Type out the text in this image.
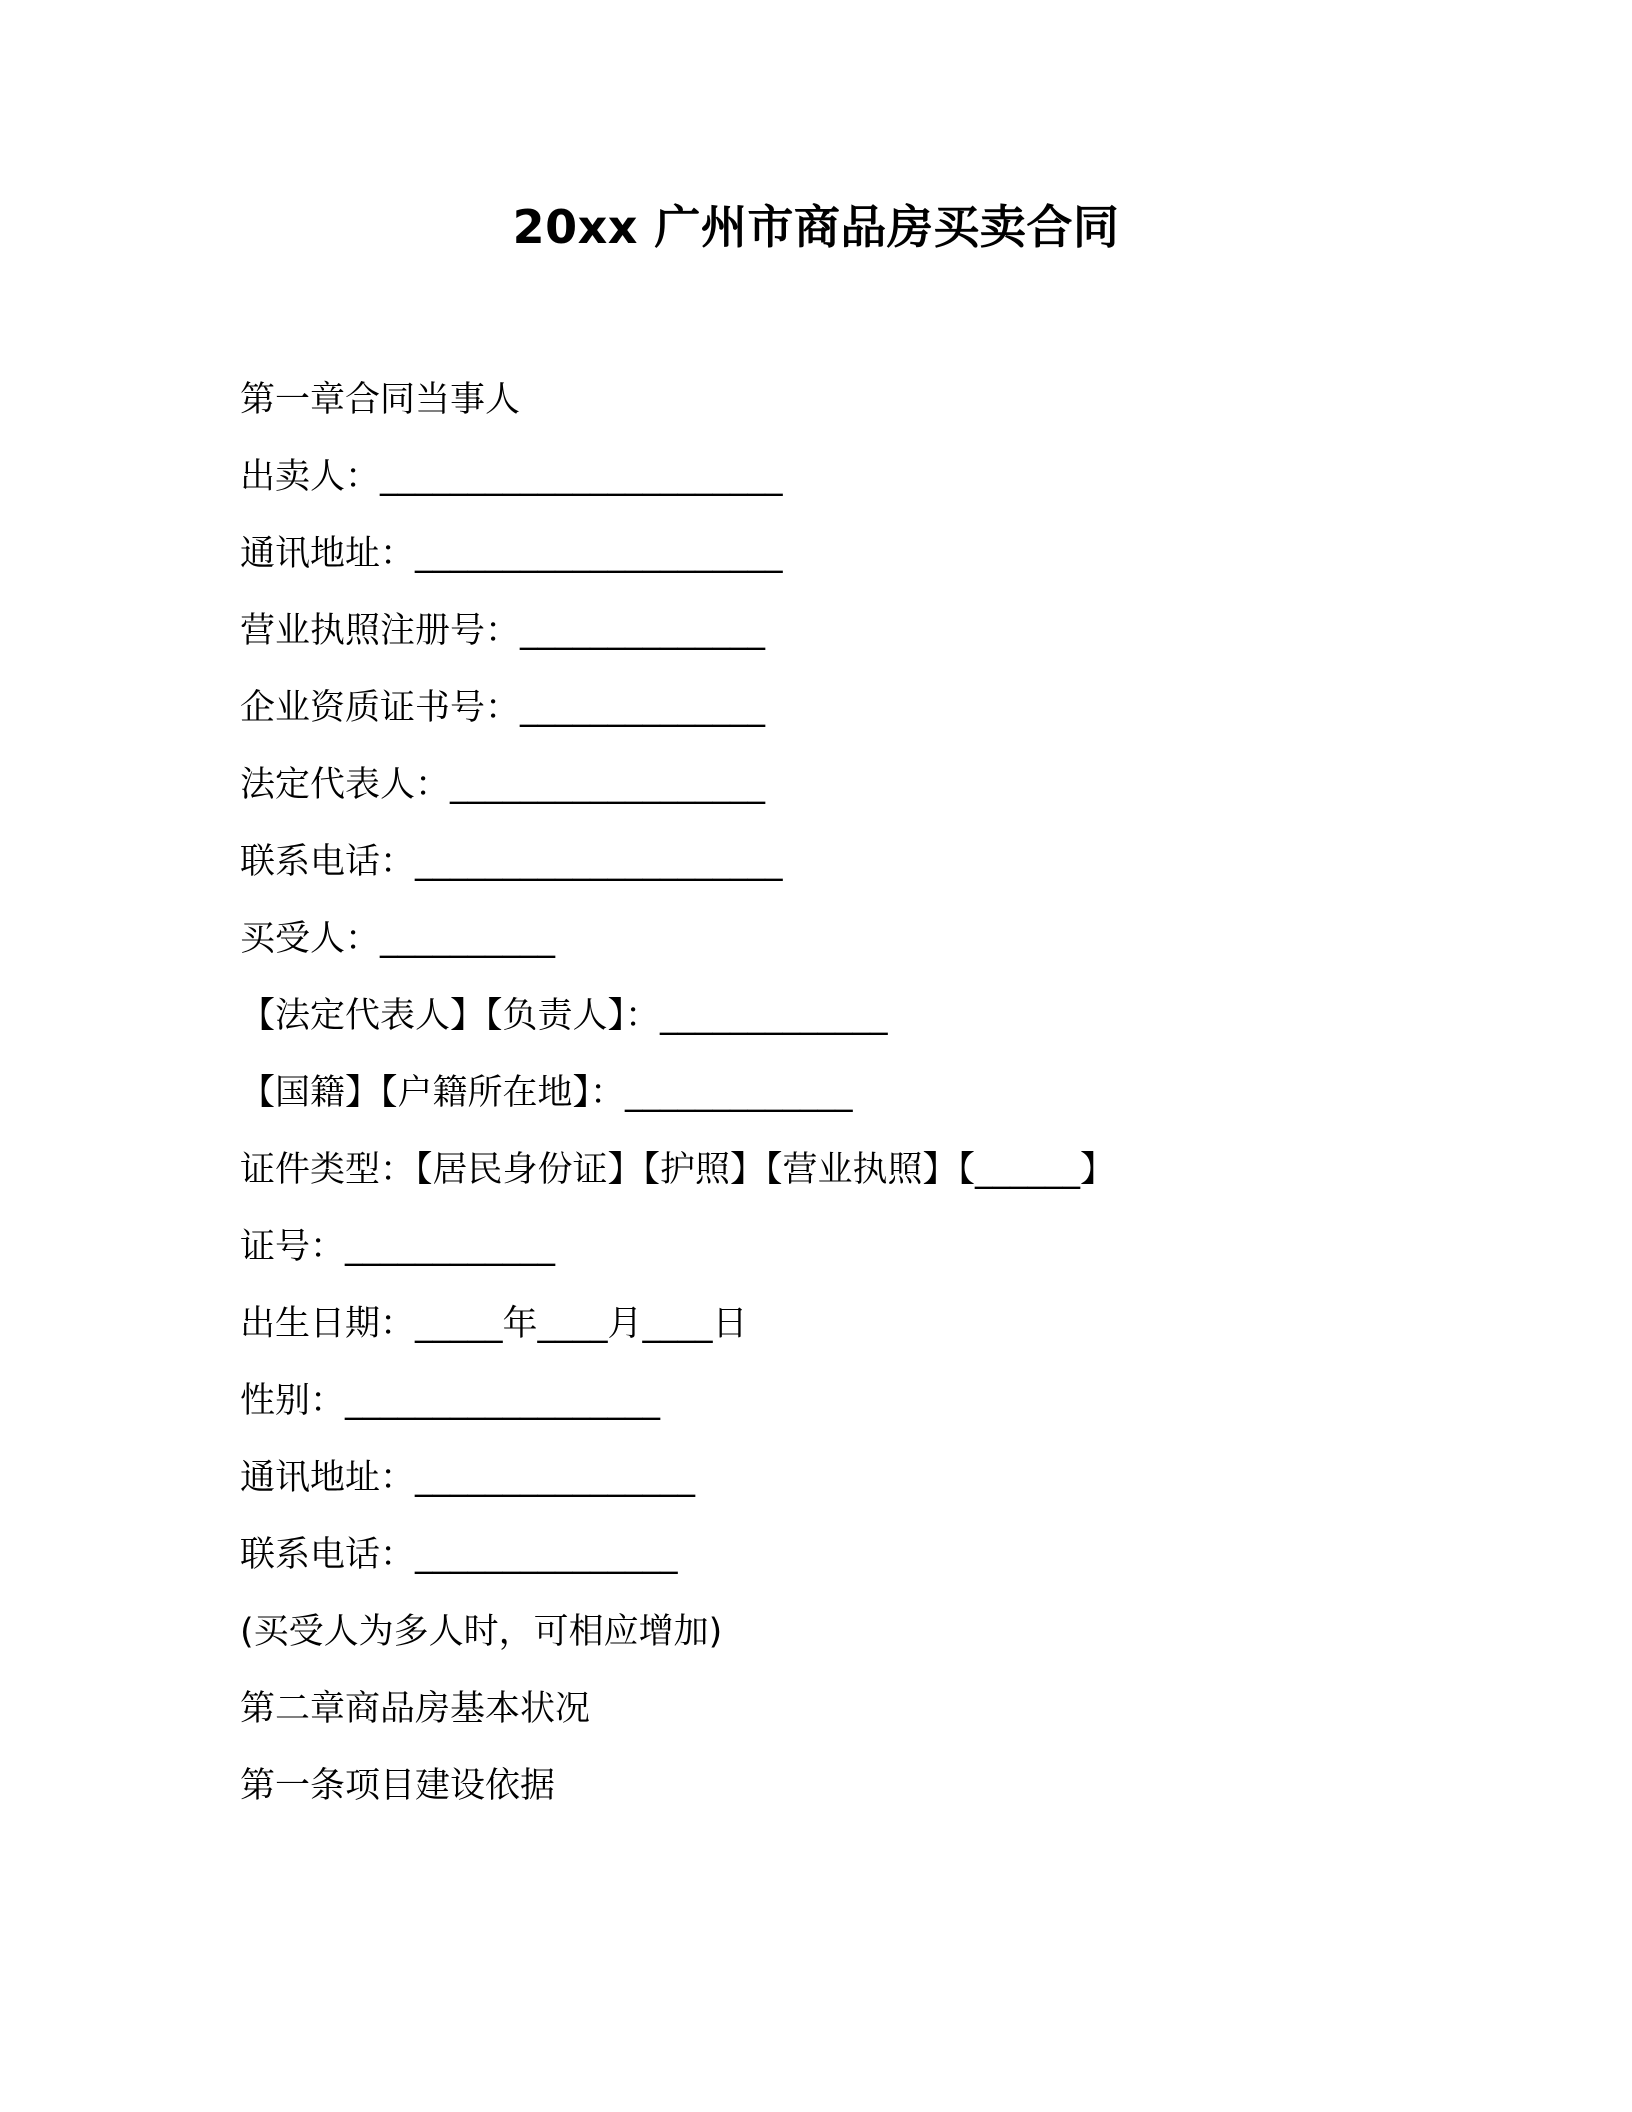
20xx 广州市商品房买卖合同
第一章合同当事人
出卖人：_______________________
通讯地址：_____________________
营业执照注册号：______________
企业资质证书号：______________
法定代表人：__________________
联系电话：_____________________
买受人：__________
【法定代表人】【负责人】：_____________
【国籍】【户籍所在地】：_____________
证件类型：【居民身份证】【护照】【营业执照】【______】
证号：____________
出生日期：_____年____月____日
性别：__________________
通讯地址：________________
联系电话：_______________
(买受人为多人时，可相应增加)
第二章商品房基本状况
第一条项目建设依据
